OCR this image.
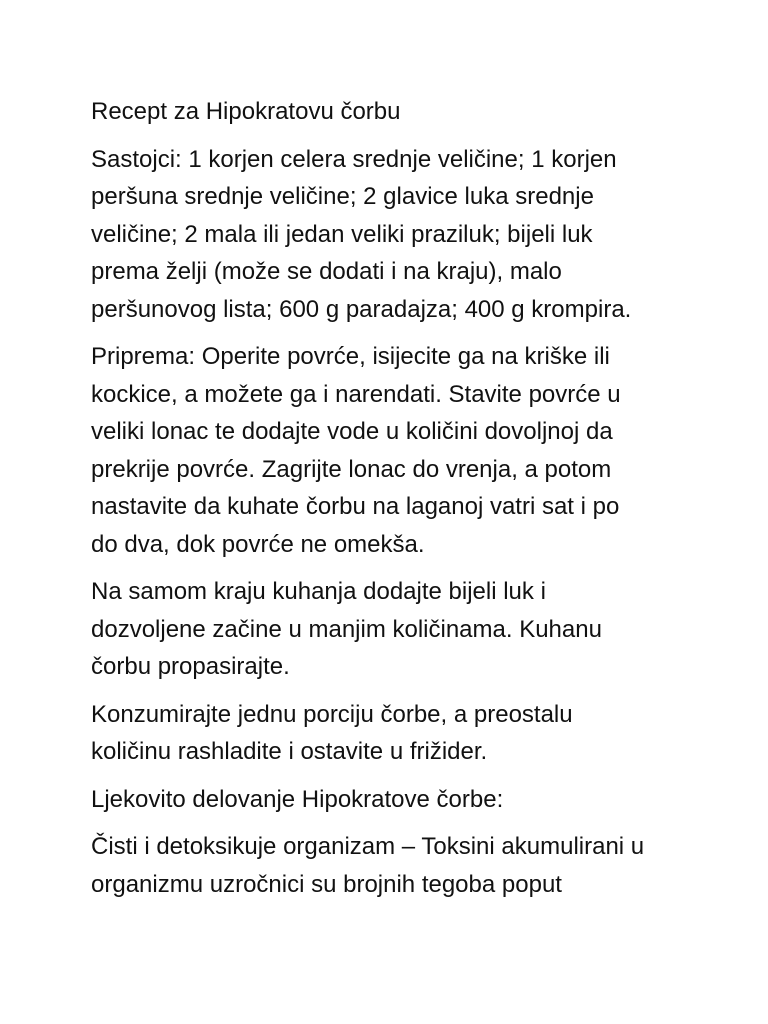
Recept za Hipokratovu čorbu

Sastojci: 1 korjen celera srednje veličine; 1 korjen
peršuna srednje veličine; 2 glavice luka srednje
veličine; 2 mala ili jedan veliki praziluk; bijeli luk
prema želji (može se dodati i na kraju), malo
peršunovog lista; 600 g paradajza; 400 g krompira.

Priprema: Operite povrće, isijecite ga na kriške ili
kockice, a možete ga i narendati. Stavite povrće u
veliki lonac te dodajte vode u količini dovoljnoj da
prekrije povrće. Zagrijte lonac do vrenja, a potom
nastavite da kuhate čorbu na laganoj vatri sat i po
do dva, dok povrće ne omekša.

Na samom kraju kuhanja dodajte bijeli luk i
dozvoljene začine u manjim količinama. Kuhanu
čorbu propasirajte.

Konzumirajte jednu porciju čorbe, a preostalu
količinu rashladite i ostavite u frižider.

Ljekovito delovanje Hipokratove čorbe:

Čisti i detoksikuje organizam – Toksini akumulirani u
organizmu uzročnici su brojnih tegoba poput
